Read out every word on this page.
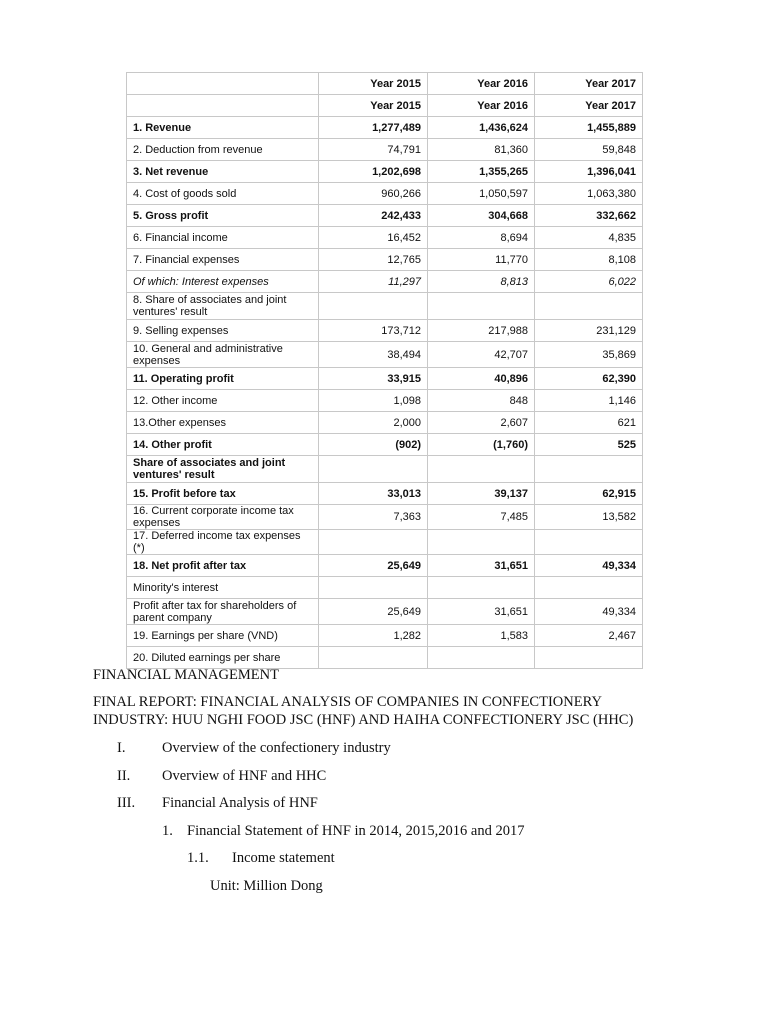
	Year 2015	Year 2016	Year 2017
	Year 2015	Year 2016	Year 2017
1. Revenue	1,277,489	1,436,624	1,455,889
2. Deduction from revenue	74,791	81,360	59,848
3. Net revenue	1,202,698	1,355,265	1,396,041
4. Cost of goods sold	960,266	1,050,597	1,063,380
5. Gross profit	242,433	304,668	332,662
6. Financial income	16,452	8,694	4,835
7. Financial expenses	12,765	11,770	8,108
Of which: Interest expenses	11,297	8,813	6,022
8. Share of associates and joint ventures' result			
9. Selling expenses	173,712	217,988	231,129
10. General and administrative expenses	38,494	42,707	35,869
11. Operating profit	33,915	40,896	62,390
12. Other income	1,098	848	1,146
13.Other expenses	2,000	2,607	621
14. Other profit	(902)	(1,760)	525
Share of associates and joint ventures' result			
15. Profit before tax	33,013	39,137	62,915
16. Current corporate income tax expenses	7,363	7,485	13,582
17. Deferred income tax expenses (*)			
18. Net profit after tax	25,649	31,651	49,334
Minority's interest			
Profit after tax for shareholders of parent company	25,649	31,651	49,334
19. Earnings per share (VND)	1,282	1,583	2,467
20. Diluted earnings per share			
FINANCIAL MANAGEMENT
FINAL REPORT: FINANCIAL ANALYSIS OF COMPANIES IN CONFECTIONERY
INDUSTRY: HUU NGHI FOOD JSC (HNF) AND HAIHA CONFECTIONERY JSC (HHC)
I.	Overview of the confectionery industry
II. Overview of HNF and HHC
III. Financial Analysis of HNF
1. Financial Statement of HNF in 2014, 2015,2016 and 2017
1.1. Income statement
Unit: Million Dong
